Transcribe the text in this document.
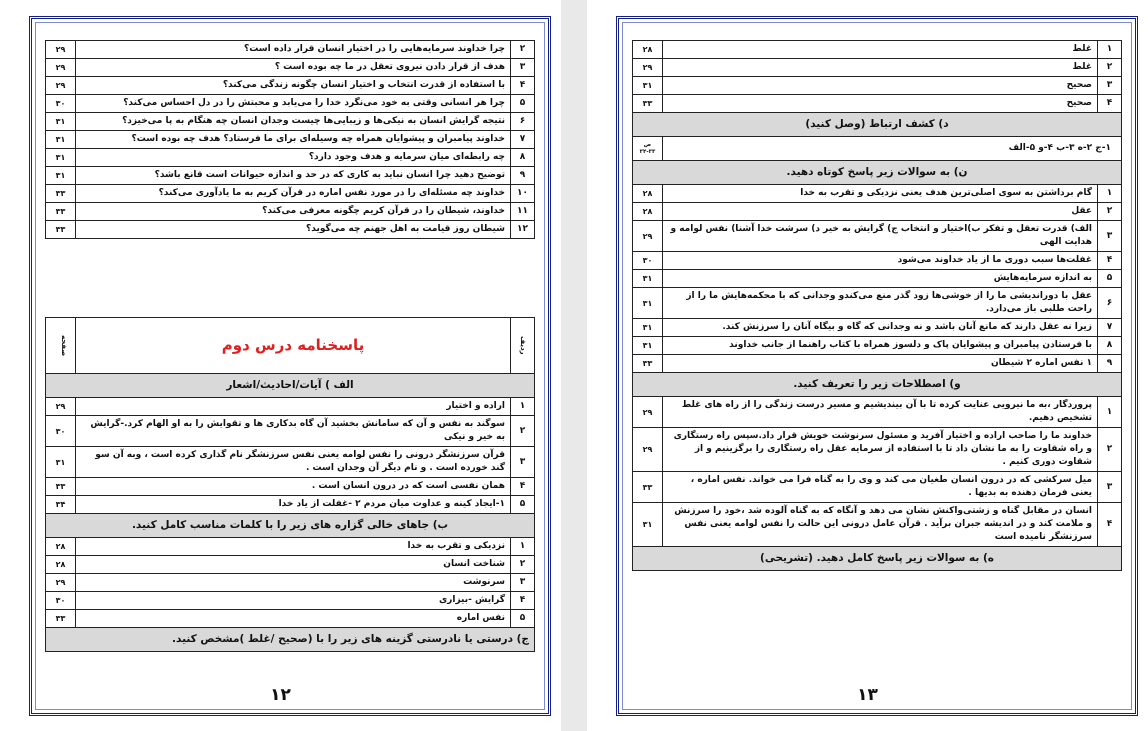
۲	چرا خداوند سرمایه‌هایی را در اختیار انسان قرار داده است؟	۲۹
۳	هدف از قرار دادن نیروی تعقل در ما چه بوده است ؟	۲۹
۴	با استفاده از قدرت انتخاب و اختیار انسان چگونه زندگی می‌کند؟	۲۹
۵	چرا هر انسانی وقتی به خود می‌نگرد خدا را می‌یابد و محبتش را در دل احساس می‌کند؟	۳۰
۶	نتیجه گرایش انسان به نیکی‌ها و زیبایی‌ها چیست وجدان انسان چه هنگام به پا می‌خیزد؟	۳۱
۷	خداوند پیامبران و پیشوایان همراه چه وسیله‌ای برای ما فرستاد؟ هدف چه بوده است؟	۳۱
۸	چه رابطه‌ای میان سرمایه و هدف وجود دارد؟	۳۱
۹	توضیح دهید چرا انسان نباید به کاری که در حد و اندازه حیوانات است قانع باشد؟	۳۱
۱۰	خداوند چه مسئله‌ای را در مورد نفس اماره در قرآن کریم به ما یادآوری می‌کند؟	۳۳
۱۱	خداوند، شیطان را در قرآن کریم چگونه معرفی می‌کند؟	۳۳
۱۲	شیطان روز قیامت به اهل جهنم چه می‌گوید؟	۳۳
ردیف	پاسخنامه درس دوم	صفحه

الف ) آیات/احادیث/اشعار		
۱	اراده و اختیار	۲۹
۲	سوگند به نفس و آن که سامانش بخشید آن گاه بدکاری ها و تقوایش را به او الهام کرد.-گرایش به خیر و نیکی	۳۰
۳	قرآن سرزنشگر درونی را نفس لوامه یعنی نفس سرزنشگر نام گذاری کرده است ، وبه آن سو گند خورده است . و نام دیگر آن وجدان است .	۳۱
۴	همان نفسی است که در درون انسان است .	۳۳
۵	۱-ایجاد کینه و عداوت میان مردم ۲ -غفلت از یاد خدا	۳۴
ب) جاهای خالی گزاره های زیر را با کلمات مناسب کامل کنید.		
۱	نزدیکی و تقرب به خدا	۲۸
۲	شناخت انسان	۲۸
۳	سرنوشت	۲۹
۴	گرایش -بیزاری	۳۰
۵	نفس اماره	۳۳
ج) درستی یا نادرستی گزینه های زیر را با (صحیح /غلط )مشخص کنید.		
۱۲
۱	غلط	۲۸
۲	غلط	۲۹
۳	صحیح	۳۱
۴	صحیح	۳۳
د) کشف ارتباط (وصل کنید)		
۱-ج ۲-ه ۳-ب ۴-و ۵-الف		ص ۳۳-۳۴
ن) به سوالات زیر پاسخ کوتاه دهید.		
۱	گام برداشتن به سوی اصلی‌ترین هدف یعنی نزدیکی و تقرب به خدا	۲۸
۲	عقل	۲۸
۳	الف) قدرت تعقل و تفکر ب)اختیار و انتخاب ج) گرایش به خیر د) سرشت خدا آشنا) نفس لوامه و هدایت الهی	۲۹
۴	غفلت‌ها سبب دوری ما از یاد خداوند می‌شود	۳۰
۵	به اندازه سرمایه‌هایش	۳۱
۶	عقل با دوراندیشی ما را از خوشی‌ها زود گذر منع می‌کندو وجدانی که با محکمه‌هایش ما را از راحت طلبی باز می‌دارد.	۳۱
۷	زیرا نه عقل دارند که مانع آنان باشد و نه وجدانی که گاه و بیگاه آنان را سرزنش کند.	۳۱
۸	با فرستادن پیامبران و پیشوایان پاک و دلسوز همراه با کتاب راهنما از جانب خداوند	۳۱
۹	۱ نفس اماره ۲ شیطان	۳۳
و) اصطلاحات زیر را تعریف کنید.		
۱	پروردگار ،به ما نیرویی عنایت کرده تا با آن بیندیشیم و مسیر درست زندگی را از راه های غلط تشخیص دهیم.	۲۹
۲	خداوند ما را صاحب اراده و اختیار آفرید و مسئول سرنوشت خویش قرار داد.سپس راه رستگاری و راه شقاوت را به ما نشان داد تا با استفاده از سرمایه عقل راه رستگاری را برگزینیم و از شقاوت دوری کنیم .	۲۹
۳	میل سرکشی که در درون انسان طغیان می کند و وی را به گناه فرا می خواند. نفس اماره ، یعنی فرمان دهنده به بدیها .	۳۳
۴	انسان در مقابل گناه و زشتی‌واکنش نشان می دهد و آنگاه که به گناه آلوده شد ،خود را سرزنش و ملامت کند و در اندیشه جبران برآید . قرآن عامل درونی این حالت را نفس لوامه یعنی نفس سرزنشگر نامیده است	۳۱
ه) به سوالات زیر پاسخ کامل دهید. (تشریحی)		
۱۳
